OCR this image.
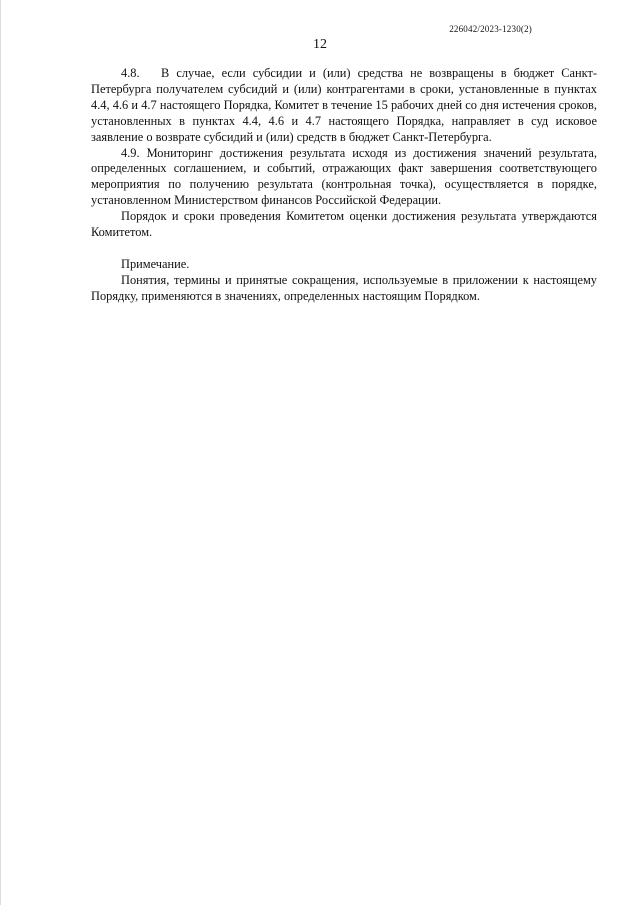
226042/2023-1230(2)
12

4.8. В случае, если субсидии и (или) средства не возвращены в бюджет Санкт-Петербурга получателем субсидий и (или) контрагентами в сроки, установленные в пунктах 4.4, 4.6 и 4.7 настоящего Порядка, Комитет в течение 15 рабочих дней со дня истечения сроков, установленных в пунктах 4.4, 4.6 и 4.7 настоящего Порядка, направляет в суд исковое заявление о возврате субсидий и (или) средств в бюджет Санкт-Петербурга.

4.9. Мониторинг достижения результата исходя из достижения значений результата, определенных соглашением, и событий, отражающих факт завершения соответствующего мероприятия по получению результата (контрольная точка), осуществляется в порядке, установленном Министерством финансов Российской Федерации.

Порядок и сроки проведения Комитетом оценки достижения результата утверждаются Комитетом.

Примечание.

Понятия, термины и принятые сокращения, используемые в приложении к настоящему Порядку, применяются в значениях, определенных настоящим Порядком.
